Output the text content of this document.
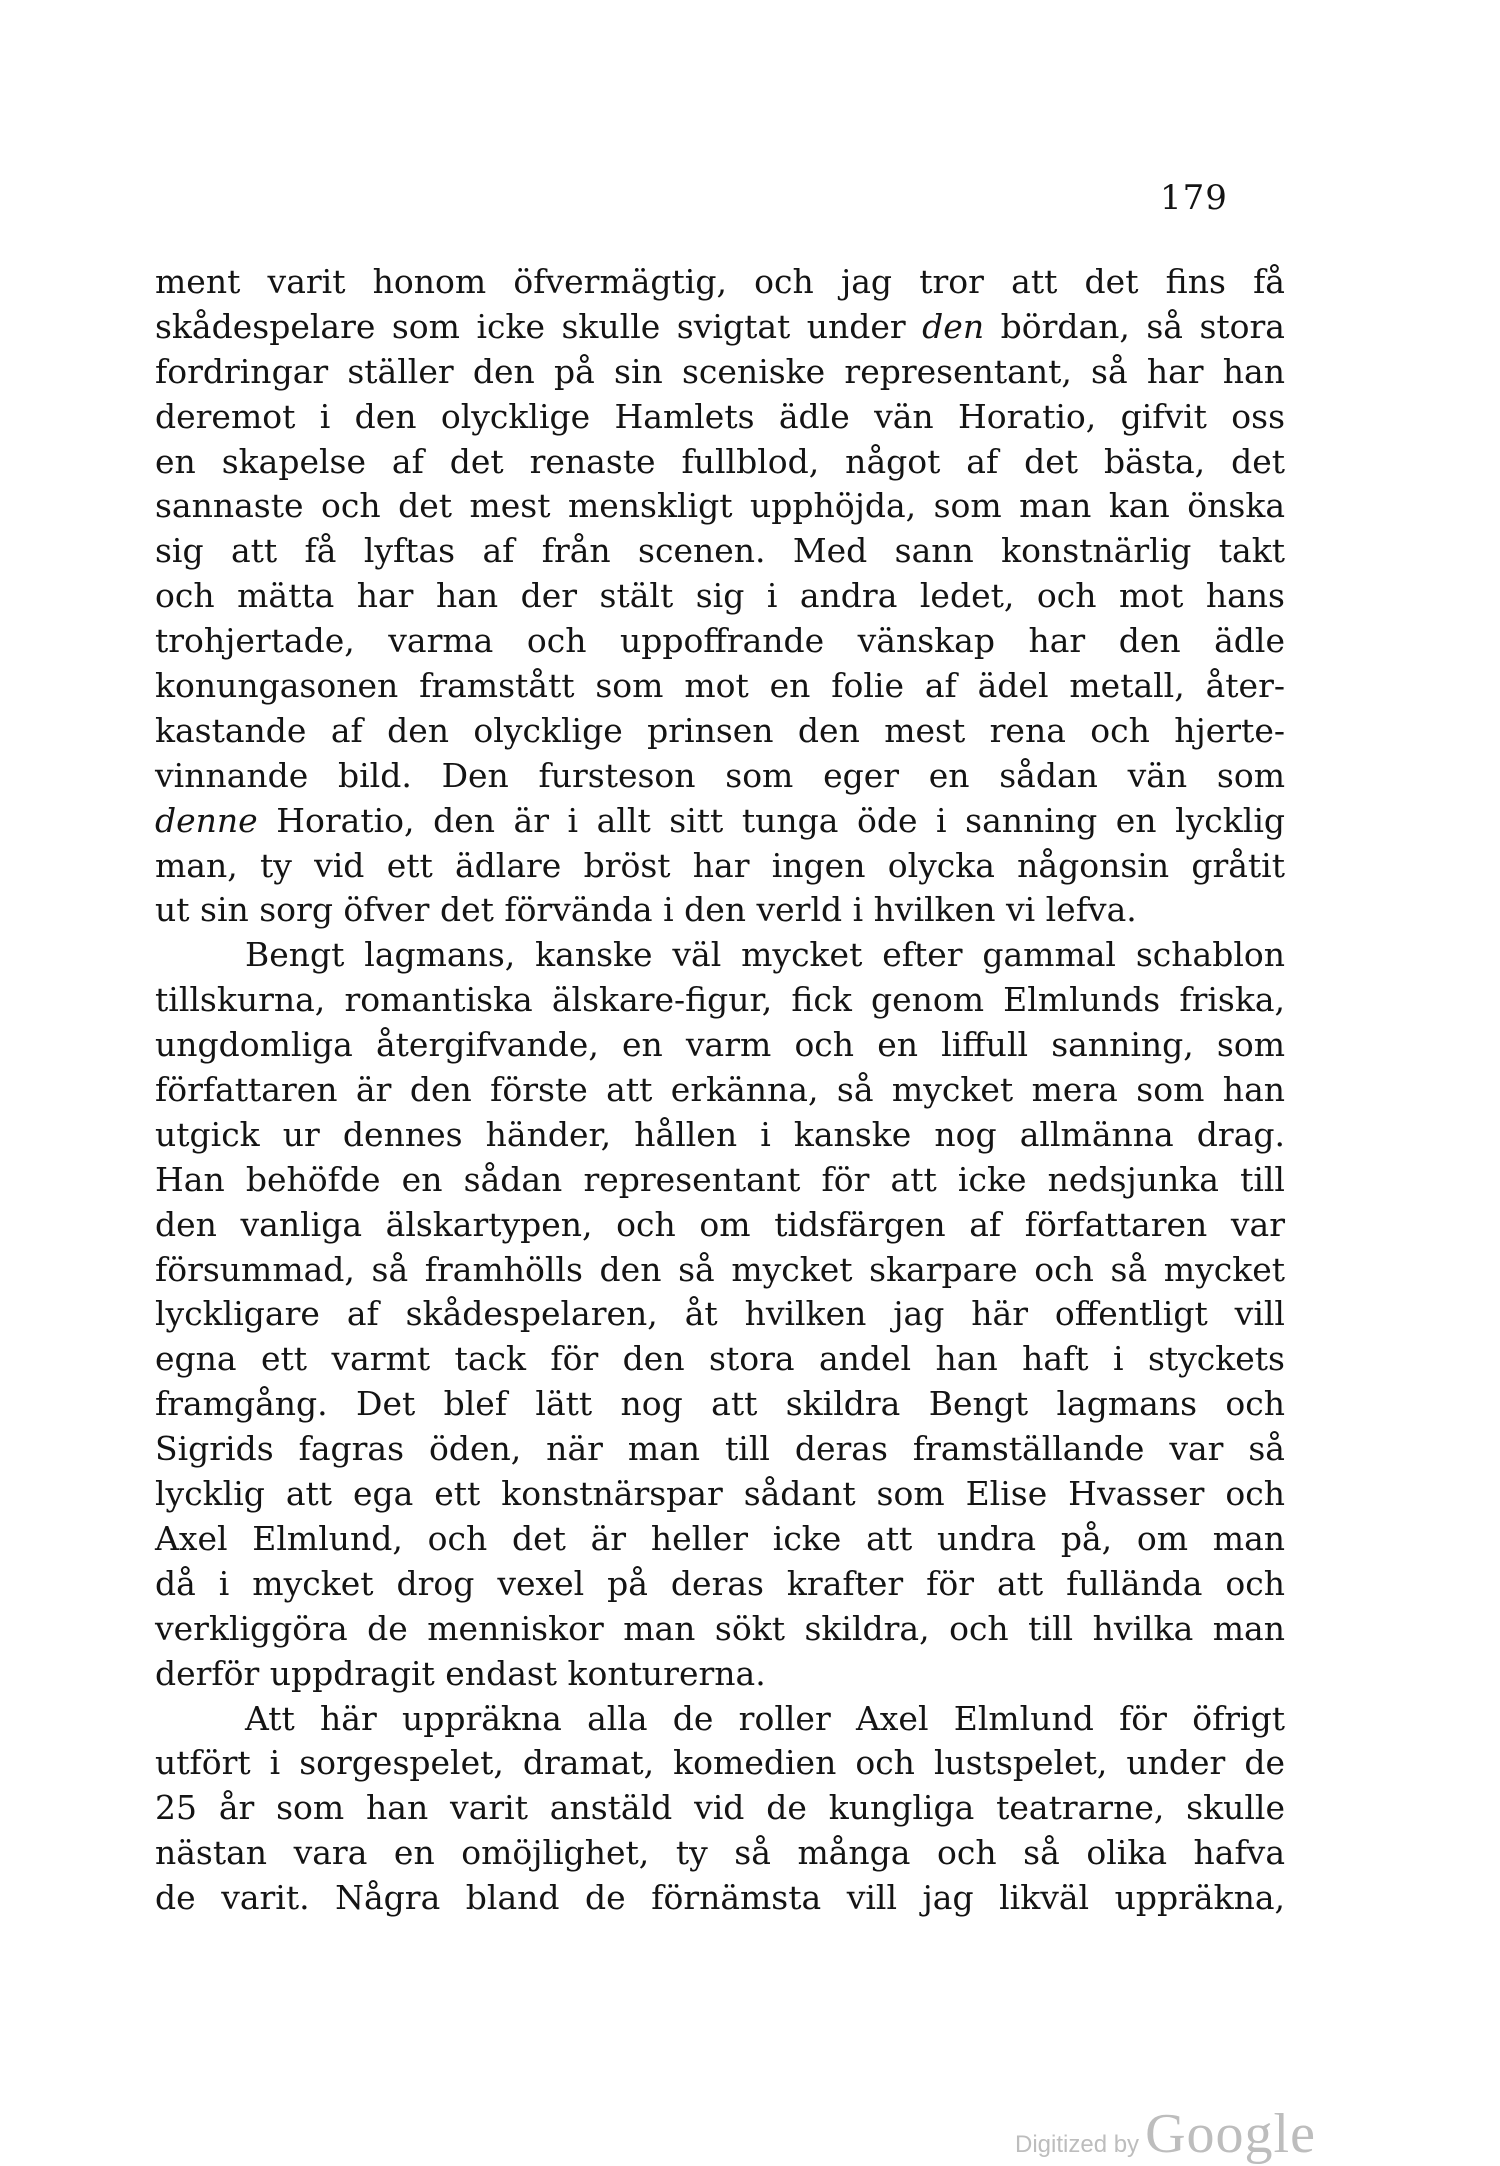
179
ment varit honom öfvermägtig, och jag tror att det fins få
skådespelare som icke skulle svigtat under den bördan, så stora
fordringar ställer den på sin sceniske representant, så har han
deremot i den olycklige Hamlets ädle vän Horatio, gifvit oss
en skapelse af det renaste fullblod, något af det bästa, det
sannaste och det mest menskligt upphöjda, som man kan önska
sig att få lyftas af från scenen. Med sann konstnärlig takt
och mätta har han der stält sig i andra ledet, och mot hans
trohjertade, varma och uppoffrande vänskap har den ädle
konungasonen framstått som mot en folie af ädel metall, åter-
kastande af den olycklige prinsen den mest rena och hjerte-
vinnande bild. Den fursteson som eger en sådan vän som
denne Horatio, den är i allt sitt tunga öde i sanning en lycklig
man, ty vid ett ädlare bröst har ingen olycka någonsin gråtit
ut sin sorg öfver det förvända i den verld i hvilken vi lefva.
Bengt lagmans, kanske väl mycket efter gammal schablon
tillskurna, romantiska älskare-figur, fick genom Elmlunds friska,
ungdomliga återgifvande, en varm och en liffull sanning, som
författaren är den förste att erkänna, så mycket mera som han
utgick ur dennes händer, hållen i kanske nog allmänna drag.
Han behöfde en sådan representant för att icke nedsjunka till
den vanliga älskartypen, och om tidsfärgen af författaren var
försummad, så framhölls den så mycket skarpare och så mycket
lyckligare af skådespelaren, åt hvilken jag här offentligt vill
egna ett varmt tack för den stora andel han haft i styckets
framgång. Det blef lätt nog att skildra Bengt lagmans och
Sigrids fagras öden, när man till deras framställande var så
lycklig att ega ett konstnärspar sådant som Elise Hvasser och
Axel Elmlund, och det är heller icke att undra på, om man
då i mycket drog vexel på deras krafter för att fullända och
verkliggöra de menniskor man sökt skildra, och till hvilka man
derför uppdragit endast konturerna.
Att här uppräkna alla de roller Axel Elmlund för öfrigt
utfört i sorgespelet, dramat, komedien och lustspelet, under de
25 år som han varit anstäld vid de kungliga teatrarne, skulle
nästan vara en omöjlighet, ty så många och så olika hafva
de varit. Några bland de förnämsta vill jag likväl uppräkna,
Digitized by Google
